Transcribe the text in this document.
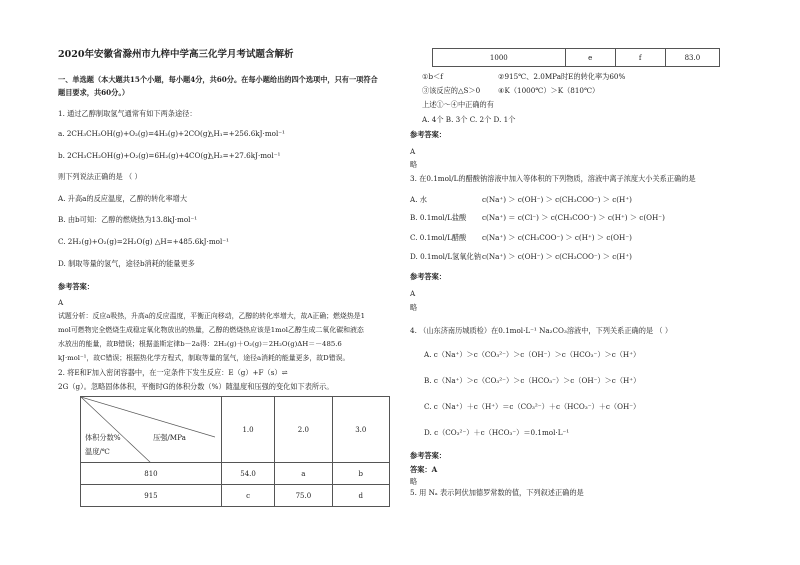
2020年安徽省滁州市九梓中学高三化学月考试题含解析
一、单选题（本大题共15个小题，每小题4分，共60分。在每小题给出的四个选项中，只有一项符合
题目要求，共60分。）
1. 通过乙醇制取氢气通常有如下两条途径：
a. 2CH₃CH₂OH(g)+O₂(g)=4H₂(g)+2CO(g)
△H₁=+256.6kJ·mol⁻¹
b. 2CH₃CH₂OH(g)+O₂(g)=6H₂(g)+4CO(g)
△H₂=+27.6kJ·mol⁻¹
则下列说法正确的是 （ ）
A. 升高a的反应温度，乙醇的转化率增大
B. 由b可知：乙醇的燃烧热为13.8kJ·mol⁻¹
C. 2H₂(g)+O₂(g)=2H₂O(g) △H=+485.6kJ·mol⁻¹
D. 制取等量的氢气，途径b消耗的能量更多
参考答案：
A
试题分析：反应a吸热，升高a的反应温度，平衡正向移动，乙醇的转化率增大，故A正确；燃烧热是1
mol可燃物完全燃烧生成稳定氧化物放出的热量，乙醇的燃烧热应该是1mol乙醇生成二氧化碳和液态
水放出的能量，故B错误；根据盖斯定律b－2a得：2H₂(g)＋O₂(g)＝2H₂O(g)ΔH＝－485.6
kJ·mol⁻¹，故C错误；根据热化学方程式，制取等量的氢气，途径a消耗的能量更多，故D错误。
2. 将E和F加入密闭容器中，在一定条件下发生反应：E（g）+F（s）⇌
2G（g）。忽略固体体积，平衡时G的体积分数（%）随温度和压强的变化如下表所示。
压强/MPa
体积分数%
温度/℃	1.0	2.0	3.0
810	54.0	a	b
915	c	75.0	d
1000	e	f	83.0
①b＜f	②915℃、2.0MPa时E的转化率为60%
③该反应的△S＞0 ④K（1000℃）＞K（810℃）
上述①～④中正确的有
A. 4个 B. 3个 C. 2个 D. 1个
参考答案：
A
略
3. 在0.1mol/L的醋酸钠溶液中加入等体积的下列物质，溶液中离子浓度大小关系正确的是
A. 水	c(Na⁺) ＞ c(OH⁻) ＞ c(CH₃COO⁻) ＞ c(H⁺)
B. 0.1mol/L盐酸 c(Na⁺) ＝ c(Cl⁻) ＞ c(CH₃COO⁻) ＞ c(H⁺) ＞ c(OH⁻)
C. 0.1mol/L醋酸 c(Na⁺) ＞ c(CH₃COO⁻) ＞ c(H⁺) ＞ c(OH⁻)
D. 0.1mol/L氢氧化钠 c(Na⁺) ＞ c(OH⁻) ＞ c(CH₃COO⁻) ＞ c(H⁺)
参考答案：
A
略
4. （山东济南历城质检）在0.1mol·L⁻¹ Na₂CO₃溶液中，下列关系正确的是 （ ）
A. c（Na⁺）＞c（CO₃²⁻）＞c（OH⁻）＞c（HCO₃⁻）＞c（H⁺）
B. c（Na⁺）＞c（CO₃²⁻）＞c（HCO₃⁻）＞c（OH⁻）＞c（H⁺）
C. c（Na⁺）＋c（H⁺）＝c（CO₃²⁻）＋c（HCO₃⁻）＋c（OH⁻）
D. c（CO₃²⁻）＋c（HCO₃⁻）＝0.1mol·L⁻¹
参考答案：
答案：A
略
5. 用 Nₐ 表示阿伏加德罗常数的值，下列叙述正确的是
